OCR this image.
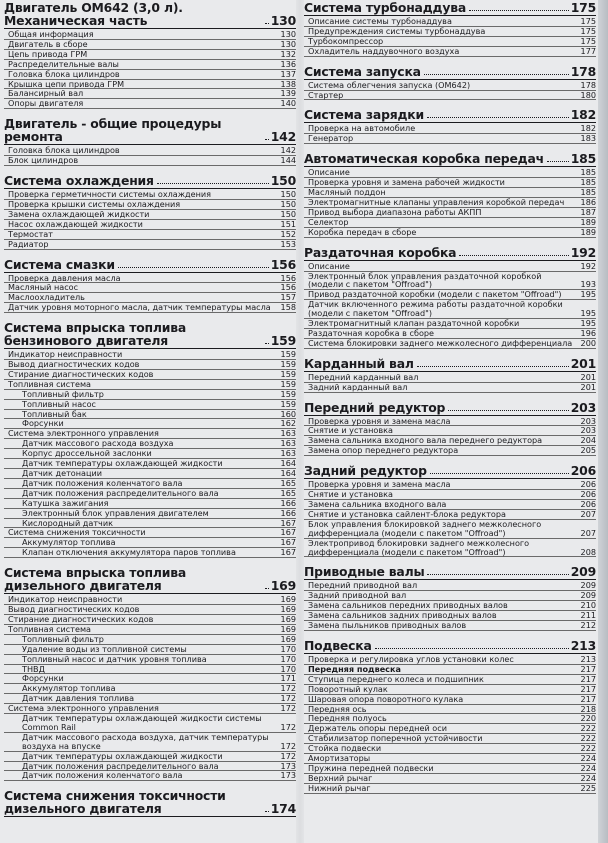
Двигатель ОМ642 (3,0 л). Механическая часть	130
Общая информация	130
Двигатель в сборе	130
Цепь привода ГРМ	132
Распределительные валы	136
Головка блока цилиндров	137
Крышка цепи привода ГРМ	138
Балансирный вал	139
Опоры двигателя	140
Двигатель - общие процедуры ремонта	142
Головка блока цилиндров	142
Блок цилиндров	144
Система охлаждения	150
Проверка герметичности системы охлаждения	150
Проверка крышки системы охлаждения	150
Замена охлаждающей жидкости	150
Насос охлаждающей жидкости	151
Термостат	152
Радиатор	153
Система смазки	156
Проверка давления масла	156
Масляный насос	156
Маслоохладитель	157
Датчик уровня моторного масла, датчик температуры масла	158
Система впрыска топлива бензинового двигателя	159
Индикатор неисправности	159
Вывод диагностических кодов	159
Стирание диагностических кодов	159
Топливная система	159
Топливный фильтр	159
Топливный насос	159
Топливный бак	160
Форсунки	162
Система электронного управления	163
Датчик массового расхода воздуха	163
Корпус дроссельной заслонки	163
Датчик температуры охлаждающей жидкости	164
Датчик детонации	164
Датчик положения коленчатого вала	165
Датчик положения распределительного вала	165
Катушка зажигания	166
Электронный блок управления двигателем	166
Кислородный датчик	167
Система снижения токсичности	167
Аккумулятор топлива	167
Клапан отключения аккумулятора паров топлива	167
Система впрыска топлива дизельного двигателя	169
Индикатор неисправности	169
Вывод диагностических кодов	169
Стирание диагностических кодов	169
Топливная система	169
Топливный фильтр	169
Удаление воды из топливной системы	170
Топливный насос и датчик уровня топлива	170
ТНВД	170
Форсунки	171
Аккумулятор топлива	172
Датчик давления топлива	172
Система электронного управления	172
Датчик температуры охлаждающей жидкости системы Common Rail	172
Датчик массового расхода воздуха, датчик температуры воздуха на впуске	172
Датчик температуры охлаждающей жидкости	172
Датчик положения распределительного вала	173
Датчик положения коленчатого вала	173
Система снижения токсичности дизельного двигателя	174
Система турбонаддува	175
Описание системы турбонаддува	175
Предупреждения системы турбонаддува	175
Турбокомпрессор	175
Охладитель наддувочного воздуха	177
Система запуска	178
Система облегчения запуска (ОМ642)	178
Стартер	180
Система зарядки	182
Проверка на автомобиле	182
Генератор	183
Автоматическая коробка передач 185
Описание	185
Проверка уровня и замена рабочей жидкости	185
Масляный поддон	185
Электромагнитные клапаны управления коробкой передач	186
Привод выбора диапазона работы АКПП	187
Селектор	189
Коробка передач в сборе	189
Раздаточная коробка	192
Описание	192
Электронный блок управления раздаточной коробкой (модели с пакетом "Offroad")	193
Привод раздаточной коробки (модели с пакетом "Offroad")	195
Датчик включенного режима работы раздаточной коробки (модели с пакетом "Offroad")	195
Электромагнитный клапан раздаточной коробки	195
Раздаточная коробка в сборе	196
Система блокировки заднего межколесного дифференциала	200
Карданный вал	201
Передний карданный вал	201
Задний карданный вал	201
Передний редуктор	203
Проверка уровня и замена масла	203
Снятие и установка	203
Замена сальника входного вала переднего редуктора	204
Замена опор переднего редуктора	205
Задний редуктор	206
Проверка уровня и замена масла	206
Снятие и установка	206
Замена сальника входного вала	206
Снятие и установка сайлент-блока редуктора	207
Блок управления блокировкой заднего межколесного дифференциала (модели с пакетом "Offroad")	207
Электропривод блокировки заднего межколесного дифференциала (модели с пакетом "Offroad")	208
Приводные валы	209
Передний приводной вал	209
Задний приводной вал	209
Замена сальников передних приводных валов	210
Замена сальников задних приводных валов	211
Замена пыльников приводных валов	212
Подвеска	213
Проверка и регулировка углов установки колес	213
Передняя подвеска	217
Ступица переднего колеса и подшипник	217
Поворотный кулак	217
Шаровая опора поворотного кулака	217
Передняя ось	218
Передняя полуось	220
Держатель опоры передней оси	222
Стабилизатор поперечной устойчивости	222
Стойка подвески	222
Амортизаторы	224
Пружина передней подвески	224
Верхний рычаг	224
Нижний рычаг	225
